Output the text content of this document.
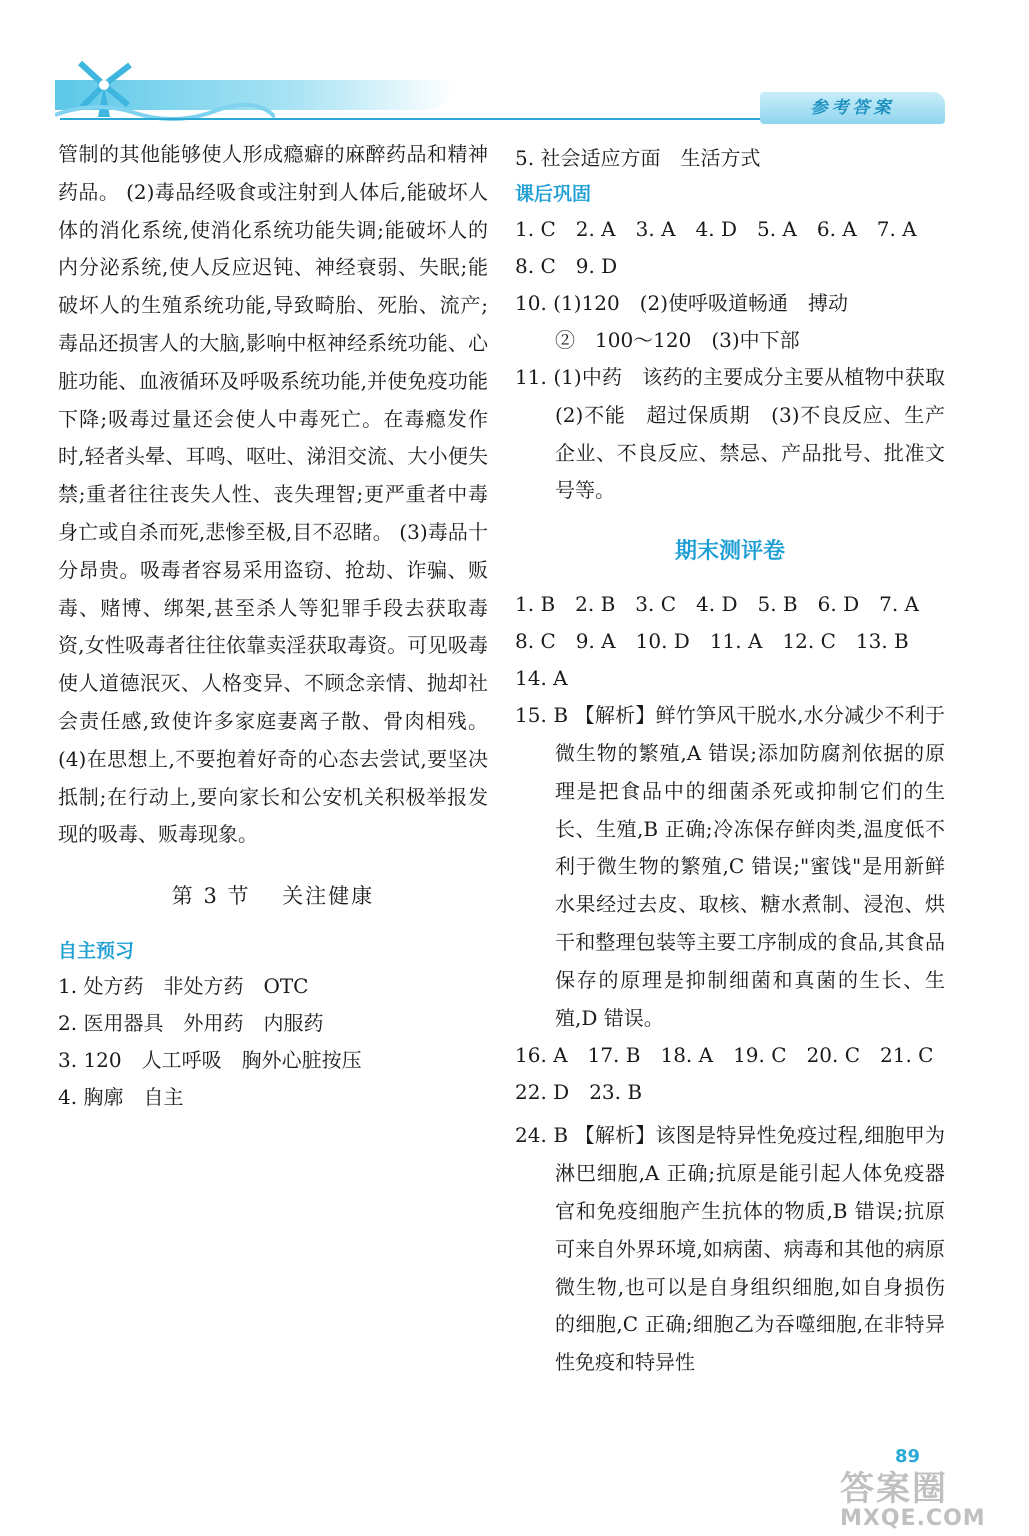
参考答案

管制的其他能够使人形成瘾癖的麻醉药品和精神药品。 (2)毒品经吸食或注射到人体后,能破坏人体的消化系统,使消化系统功能失调;能破坏人的内分泌系统,使人反应迟钝、神经衰弱、失眠;能破坏人的生殖系统功能,导致畸胎、死胎、流产;毒品还损害人的大脑,影响中枢神经系统功能、心脏功能、血液循环及呼吸系统功能,并使免疫功能下降;吸毒过量还会使人中毒死亡。在毒瘾发作时,轻者头晕、耳鸣、呕吐、涕泪交流、大小便失禁;重者往往丧失人性、丧失理智;更严重者中毒身亡或自杀而死,悲惨至极,目不忍睹。 (3)毒品十分昂贵。吸毒者容易采用盗窃、抢劫、诈骗、贩毒、赌博、绑架,甚至杀人等犯罪手段去获取毒资,女性吸毒者往往依靠卖淫获取毒资。可见吸毒使人道德泯灭、人格变异、不顾念亲情、抛却社会责任感,致使许多家庭妻离子散、骨肉相残。 (4)在思想上,不要抱着好奇的心态去尝试,要坚决抵制;在行动上,要向家长和公安机关积极举报发现的吸毒、贩毒现象。

第 3 节　 关注健康
自主预习
1. 处方药　非处方药　OTC
2. 医用器具　外用药　内服药
3. 120　人工呼吸　胸外心脏按压
4. 胸廓　自主
5. 社会适应方面　生活方式
课后巩固
1. C　2. A　3. A　4. D　5. A　6. A　7. A
8. C　9. D
10. (1)120　(2)使呼吸道畅通　搏动
②　100～120　(3)中下部
11. (1)中药　该药的主要成分主要从植物中获取　(2)不能　超过保质期　(3)不良反应、生产企业、不良反应、禁忌、产品批号、批准文号等。
期末测评卷
1. B　2. B　3. C　4. D　5. B　6. D　7. A
8. C　9. A　10. D　11. A　12. C　13. B
14. A
15. B 【解析】鲜竹笋风干脱水,水分减少不利于微生物的繁殖,A 错误;添加防腐剂依据的原理是把食品中的细菌杀死或抑制它们的生长、生殖,B 正确;冷冻保存鲜肉类,温度低不利于微生物的繁殖,C 错误;"蜜饯"是用新鲜水果经过去皮、取核、糖水煮制、浸泡、烘干和整理包装等主要工序制成的食品,其食品保存的原理是抑制细菌和真菌的生长、生殖,D 错误。
16. A　17. B　18. A　19. C　20. C　21. C
22. D　23. B
24. B 【解析】该图是特异性免疫过程,细胞甲为淋巴细胞,A 正确;抗原是能引起人体免疫器官和免疫细胞产生抗体的物质,B 错误;抗原可来自外界环境,如病菌、病毒和其他的病原微生物,也可以是自身组织细胞,如自身损伤的细胞,C 正确;细胞乙为吞噬细胞,在非特异性免疫和特异性
89
答案圈
MXQE.COM
